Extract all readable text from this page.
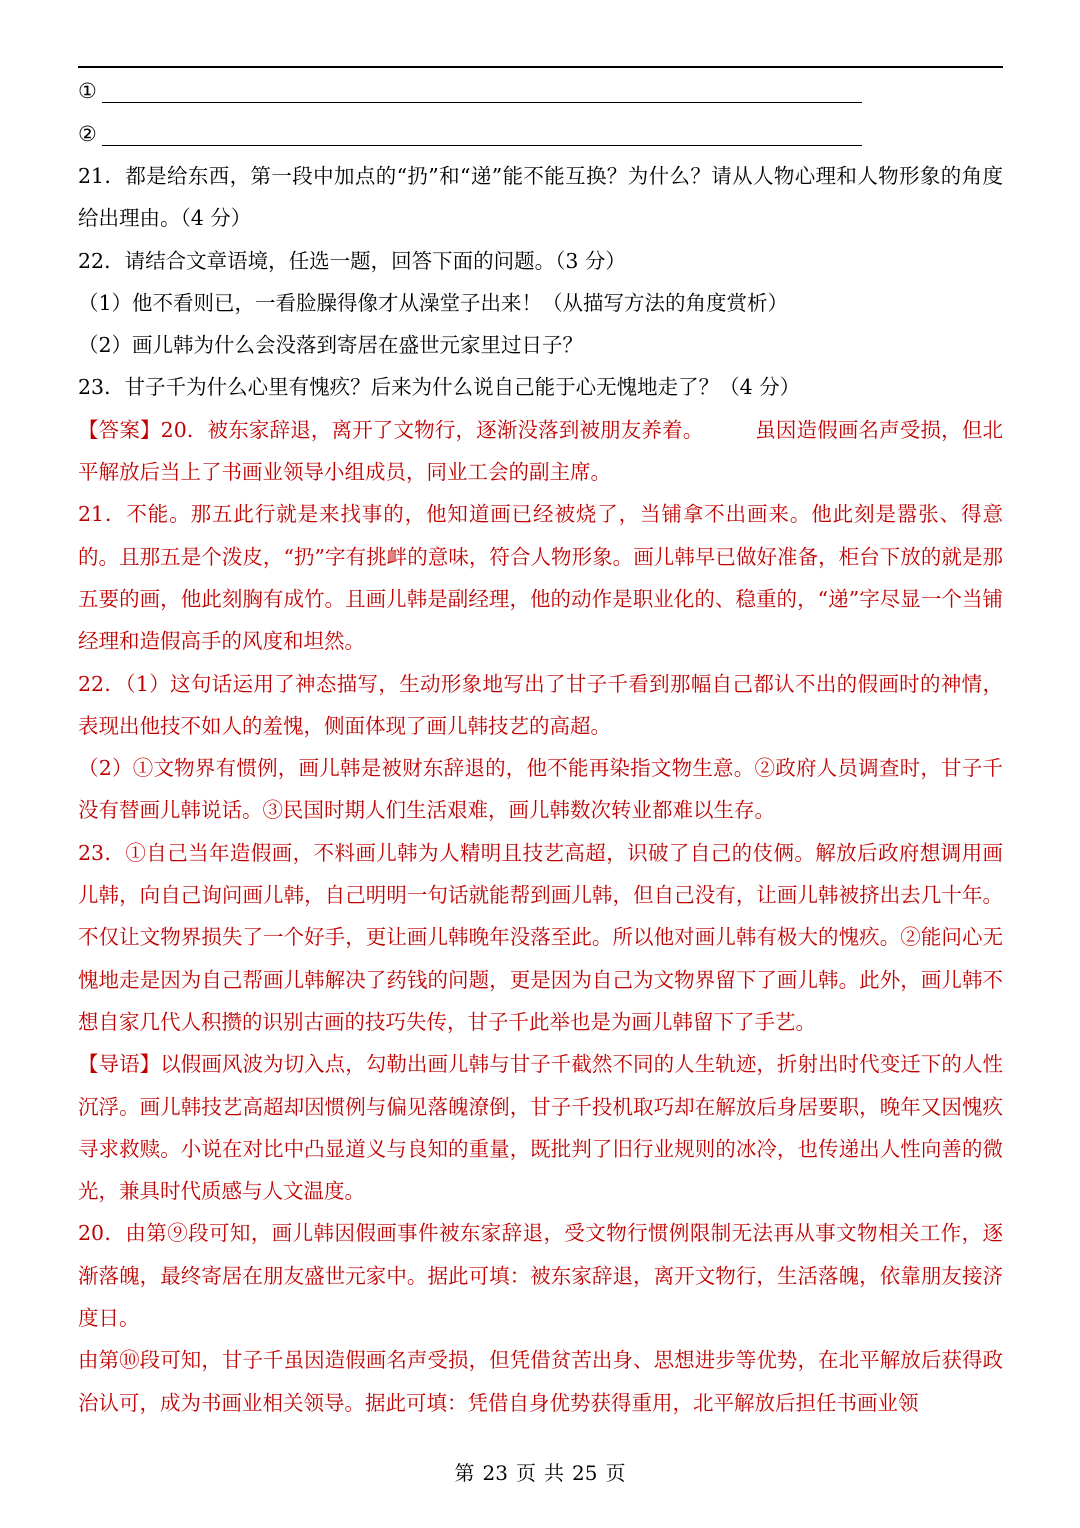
①
②

21．都是给东西，第一段中加点的“扔”和“递”能不能互换？为什么？请从人物心理和人物形象的角度给出理由。（4 分）

22．请结合文章语境，任选一题，回答下面的问题。（3 分）

（1）他不看则已，一看脸臊得像才从澡堂子出来！（从描写方法的角度赏析）

（2）画儿韩为什么会没落到寄居在盛世元家里过日子？

23．甘子千为什么心里有愧疚？后来为什么说自己能于心无愧地走了？（4 分）

【答案】20．被东家辞退，离开了文物行，逐渐没落到被朋友养着。　　　虽因造假画名声受损，但北平解放后当上了书画业领导小组成员，同业工会的副主席。

21．不能。那五此行就是来找事的，他知道画已经被烧了，当铺拿不出画来。他此刻是嚣张、得意的。且那五是个泼皮，“扔”字有挑衅的意味，符合人物形象。画儿韩早已做好准备，柜台下放的就是那五要的画，他此刻胸有成竹。且画儿韩是副经理，他的动作是职业化的、稳重的，“递”字尽显一个当铺经理和造假高手的风度和坦然。

22．（1）这句话运用了神态描写，生动形象地写出了甘子千看到那幅自己都认不出的假画时的神情，表现出他技不如人的羞愧，侧面体现了画儿韩技艺的高超。

（2）①文物界有惯例，画儿韩是被财东辞退的，他不能再染指文物生意。②政府人员调查时，甘子千没有替画儿韩说话。③民国时期人们生活艰难，画儿韩数次转业都难以生存。

23．①自己当年造假画，不料画儿韩为人精明且技艺高超，识破了自己的伎俩。解放后政府想调用画儿韩，向自己询问画儿韩，自己明明一句话就能帮到画儿韩，但自己没有，让画儿韩被挤出去几十年。不仅让文物界损失了一个好手，更让画儿韩晚年没落至此。所以他对画儿韩有极大的愧疚。②能问心无愧地走是因为自己帮画儿韩解决了药钱的问题，更是因为自己为文物界留下了画儿韩。此外，画儿韩不想自家几代人积攒的识别古画的技巧失传，甘子千此举也是为画儿韩留下了手艺。

【导语】以假画风波为切入点，勾勒出画儿韩与甘子千截然不同的人生轨迹，折射出时代变迁下的人性沉浮。画儿韩技艺高超却因惯例与偏见落魄潦倒，甘子千投机取巧却在解放后身居要职，晚年又因愧疚寻求救赎。小说在对比中凸显道义与良知的重量，既批判了旧行业规则的冰冷，也传递出人性向善的微光，兼具时代质感与人文温度。

20．由第⑨段可知，画儿韩因假画事件被东家辞退，受文物行惯例限制无法再从事文物相关工作，逐渐落魄，最终寄居在朋友盛世元家中。据此可填：被东家辞退，离开文物行，生活落魄，依靠朋友接济度日。

由第⑩段可知，甘子千虽因造假画名声受损，但凭借贫苦出身、思想进步等优势，在北平解放后获得政治认可，成为书画业相关领导。据此可填：凭借自身优势获得重用，北平解放后担任书画业领

第 23 页 共 25 页
